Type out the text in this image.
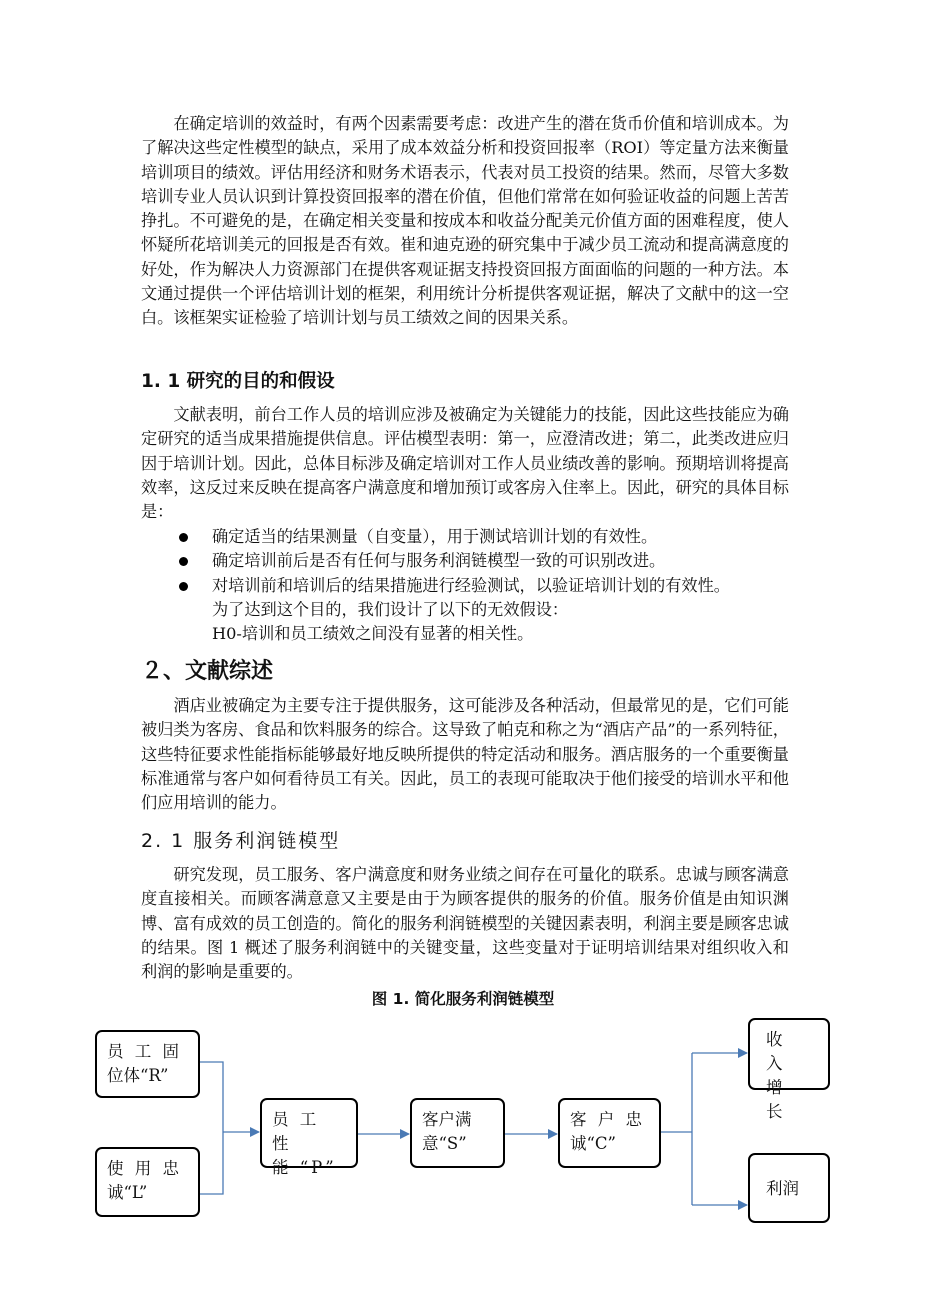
在确定培训的效益时，有两个因素需要考虑：改进产生的潜在货币价值和培训成本。为了解决这些定性模型的缺点，采用了成本效益分析和投资回报率（ROI）等定量方法来衡量培训项目的绩效。评估用经济和财务术语表示，代表对员工投资的结果。然而，尽管大多数培训专业人员认识到计算投资回报率的潜在价值，但他们常常在如何验证收益的问题上苦苦挣扎。不可避免的是，在确定相关变量和按成本和收益分配美元价值方面的困难程度，使人怀疑所花培训美元的回报是否有效。崔和迪克逊的研究集中于减少员工流动和提高满意度的好处，作为解决人力资源部门在提供客观证据支持投资回报方面面临的问题的一种方法。本文通过提供一个评估培训计划的框架，利用统计分析提供客观证据，解决了文献中的这一空白。该框架实证检验了培训计划与员工绩效之间的因果关系。

1. 1 研究的目的和假设

文献表明，前台工作人员的培训应涉及被确定为关键能力的技能，因此这些技能应为确定研究的适当成果措施提供信息。评估模型表明：第一，应澄清改进；第二，此类改进应归因于培训计划。因此，总体目标涉及确定培训对工作人员业绩改善的影响。预期培训将提高效率，这反过来反映在提高客户满意度和增加预订或客房入住率上。因此，研究的具体目标是：

确定适当的结果测量（自变量），用于测试培训计划的有效性。
确定培训前后是否有任何与服务利润链模型一致的可识别改进。
对培训前和培训后的结果措施进行经验测试，以验证培训计划的有效性。

为了达到这个目的，我们设计了以下的无效假设：

H0-培训和员工绩效之间没有显著的相关性。

２、文献综述

酒店业被确定为主要专注于提供服务，这可能涉及各种活动，但最常见的是，它们可能被归类为客房、食品和饮料服务的综合。这导致了帕克和称之为“酒店产品”的一系列特征，这些特征要求性能指标能够最好地反映所提供的特定活动和服务。酒店服务的一个重要衡量标准通常与客户如何看待员工有关。因此，员工的表现可能取决于他们接受的培训水平和他们应用培训的能力。

2. 1 服务利润链模型

研究发现，员工服务、客户满意度和财务业绩之间存在可量化的联系。忠诚与顾客满意度直接相关。而顾客满意意又主要是由于为顾客提供的服务的价值。服务价值是由知识渊博、富有成效的员工创造的。简化的服务利润链模型的关键因素表明，利润主要是顾客忠诚的结果。图 1 概述了服务利润链中的关键变量，这些变量对于证明培训结果对组织收入和利润的影响是重要的。

图 1. 简化服务利润链模型

员 工 固
位体“R”
使 用 忠
诚“L”
员 工 性
能 “P”
客户满
意“S”
客 户 忠
诚“C”
收 入
增 长
利润
